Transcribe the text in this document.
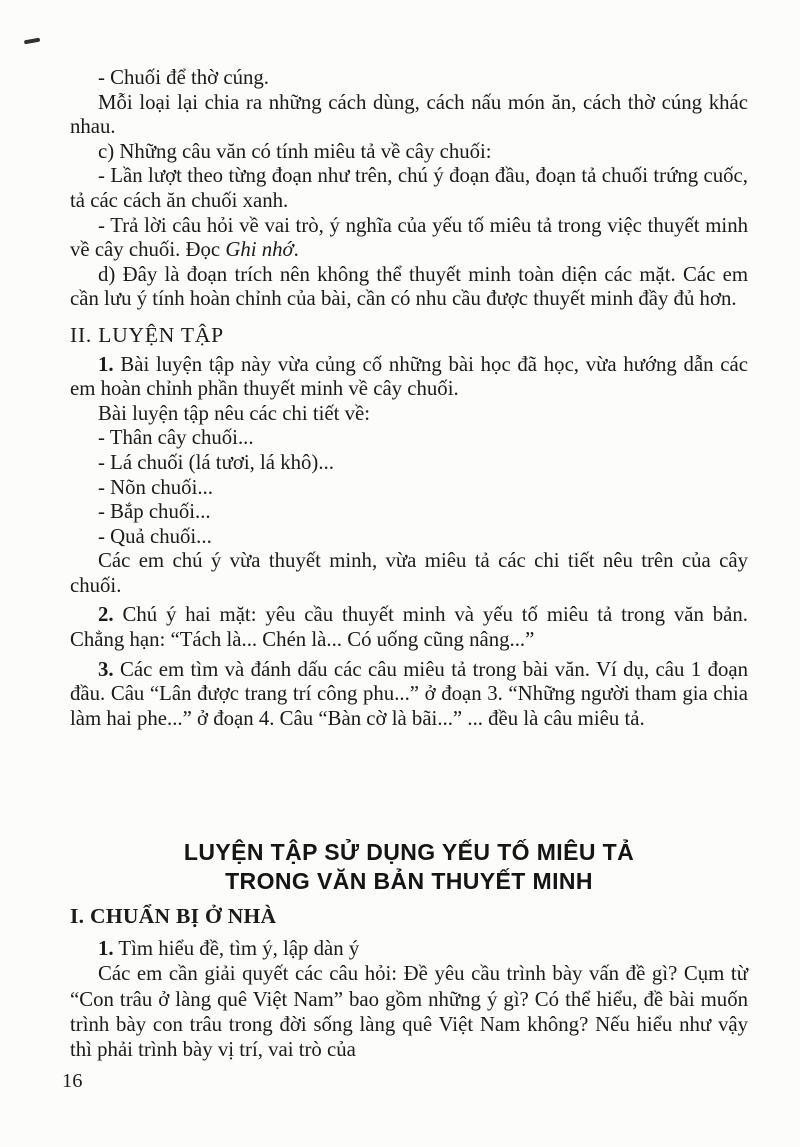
- Chuối để thờ cúng.

Mỗi loại lại chia ra những cách dùng, cách nấu món ăn, cách thờ cúng khác nhau.

c) Những câu văn có tính miêu tả về cây chuối:

- Lần lượt theo từng đoạn như trên, chú ý đoạn đầu, đoạn tả chuối trứng cuốc, tả các cách ăn chuối xanh.

- Trả lời câu hỏi về vai trò, ý nghĩa của yếu tố miêu tả trong việc thuyết minh về cây chuối. Đọc Ghi nhớ.

d) Đây là đoạn trích nên không thể thuyết minh toàn diện các mặt. Các em cần lưu ý tính hoàn chỉnh của bài, cần có nhu cầu được thuyết minh đầy đủ hơn.

II. LUYỆN TẬP

1. Bài luyện tập này vừa củng cố những bài học đã học, vừa hướng dẫn các em hoàn chỉnh phần thuyết minh về cây chuối.

Bài luyện tập nêu các chi tiết về:

- Thân cây chuối...

- Lá chuối (lá tươi, lá khô)...

- Nõn chuối...

- Bắp chuối...

- Quả chuối...

Các em chú ý vừa thuyết minh, vừa miêu tả các chi tiết nêu trên của cây chuối.

2. Chú ý hai mặt: yêu cầu thuyết minh và yếu tố miêu tả trong văn bản. Chẳng hạn: “Tách là... Chén là... Có uống cũng nâng...”

3. Các em tìm và đánh dấu các câu miêu tả trong bài văn. Ví dụ, câu 1 đoạn đầu. Câu “Lân được trang trí công phu...” ở đoạn 3. “Những người tham gia chia làm hai phe...” ở đoạn 4. Câu “Bàn cờ là bãi...” ... đều là câu miêu tả.

LUYỆN TẬP SỬ DỤNG YẾU TỐ MIÊU TẢ
TRONG VĂN BẢN THUYẾT MINH

I. CHUẨN BỊ Ở NHÀ

1. Tìm hiểu đề, tìm ý, lập dàn ý

Các em cần giải quyết các câu hỏi: Đề yêu cầu trình bày vấn đề gì? Cụm từ “Con trâu ở làng quê Việt Nam” bao gồm những ý gì? Có thể hiểu, đề bài muốn trình bày con trâu trong đời sống làng quê Việt Nam không? Nếu hiểu như vậy thì phải trình bày vị trí, vai trò của

16
